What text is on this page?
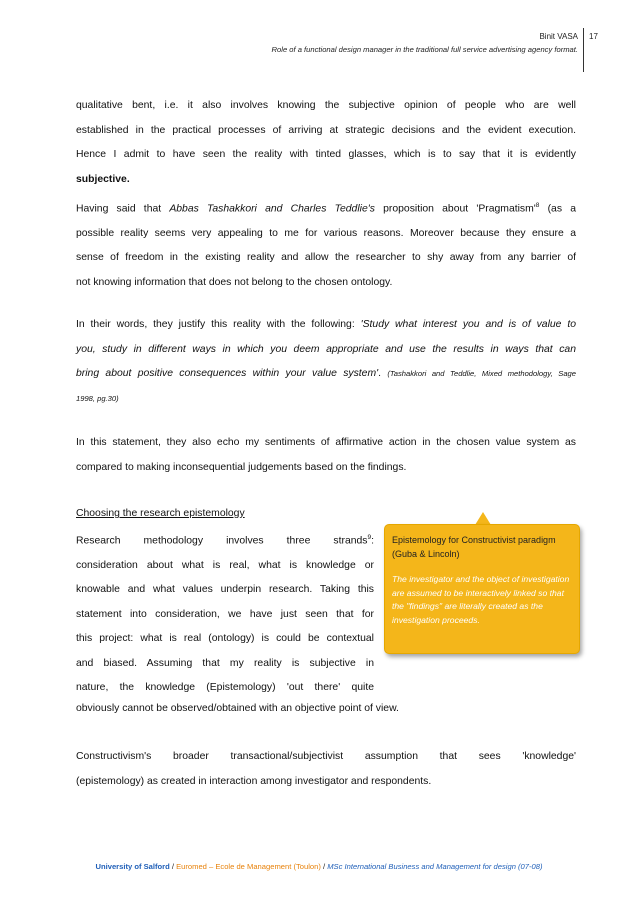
Binit VASA
Role of a functional design manager in the traditional full service advertising agency format.
17
qualitative bent, i.e. it also involves knowing the subjective opinion of people who are well
established in the practical processes of arriving at strategic decisions and the evident execution.
Hence I admit to have seen the reality with tinted glasses, which is to say that it is evidently
subjective.
Having said that Abbas Tashakkori and Charles Teddlie's proposition about '$Pragmatism'^8$ (as a
possible reality seems very appealing to me for various reasons. Moreover because they ensure a
sense of freedom in the existing reality and allow the researcher to shy away from any barrier of
not knowing information that does not belong to the chosen ontology.
In their words, they justify this reality with the following: 'Study what interest you and is of value to
you, study in different ways in which you deem appropriate and use the results in ways that can
bring about positive consequences within your value system'. (Tashakkori and Teddlie, Mixed methodology, Sage
1998, pg.30)
In this statement, they also echo my sentiments of affirmative action in the chosen value system as
compared to making inconsequential judgements based on the findings.
Choosing the research epistemology
Research methodology involves three strands$^9$:
consideration about what is real, what is knowledge or
knowable and what values underpin research. Taking this
statement into consideration, we have just seen that for
this project: what is real (ontology) is could be contextual
and biased. Assuming that my reality is subjective in
nature, the knowledge (Epistemology) 'out there' quite
obviously cannot be observed/obtained with an objective point of view.
Epistemology for Constructivist paradigm (Guba & Lincoln)
The investigator and the object of investigation are assumed to be interactively linked so that the "findings" are literally created as the investigation proceeds.
Constructivism's broader transactional/subjectivist assumption that sees 'knowledge'
(epistemology) as created in interaction among investigator and respondents.
University of Salford / Euromed – Ecole de Management (Toulon) / MSc International Business and Management for design (07-08)
